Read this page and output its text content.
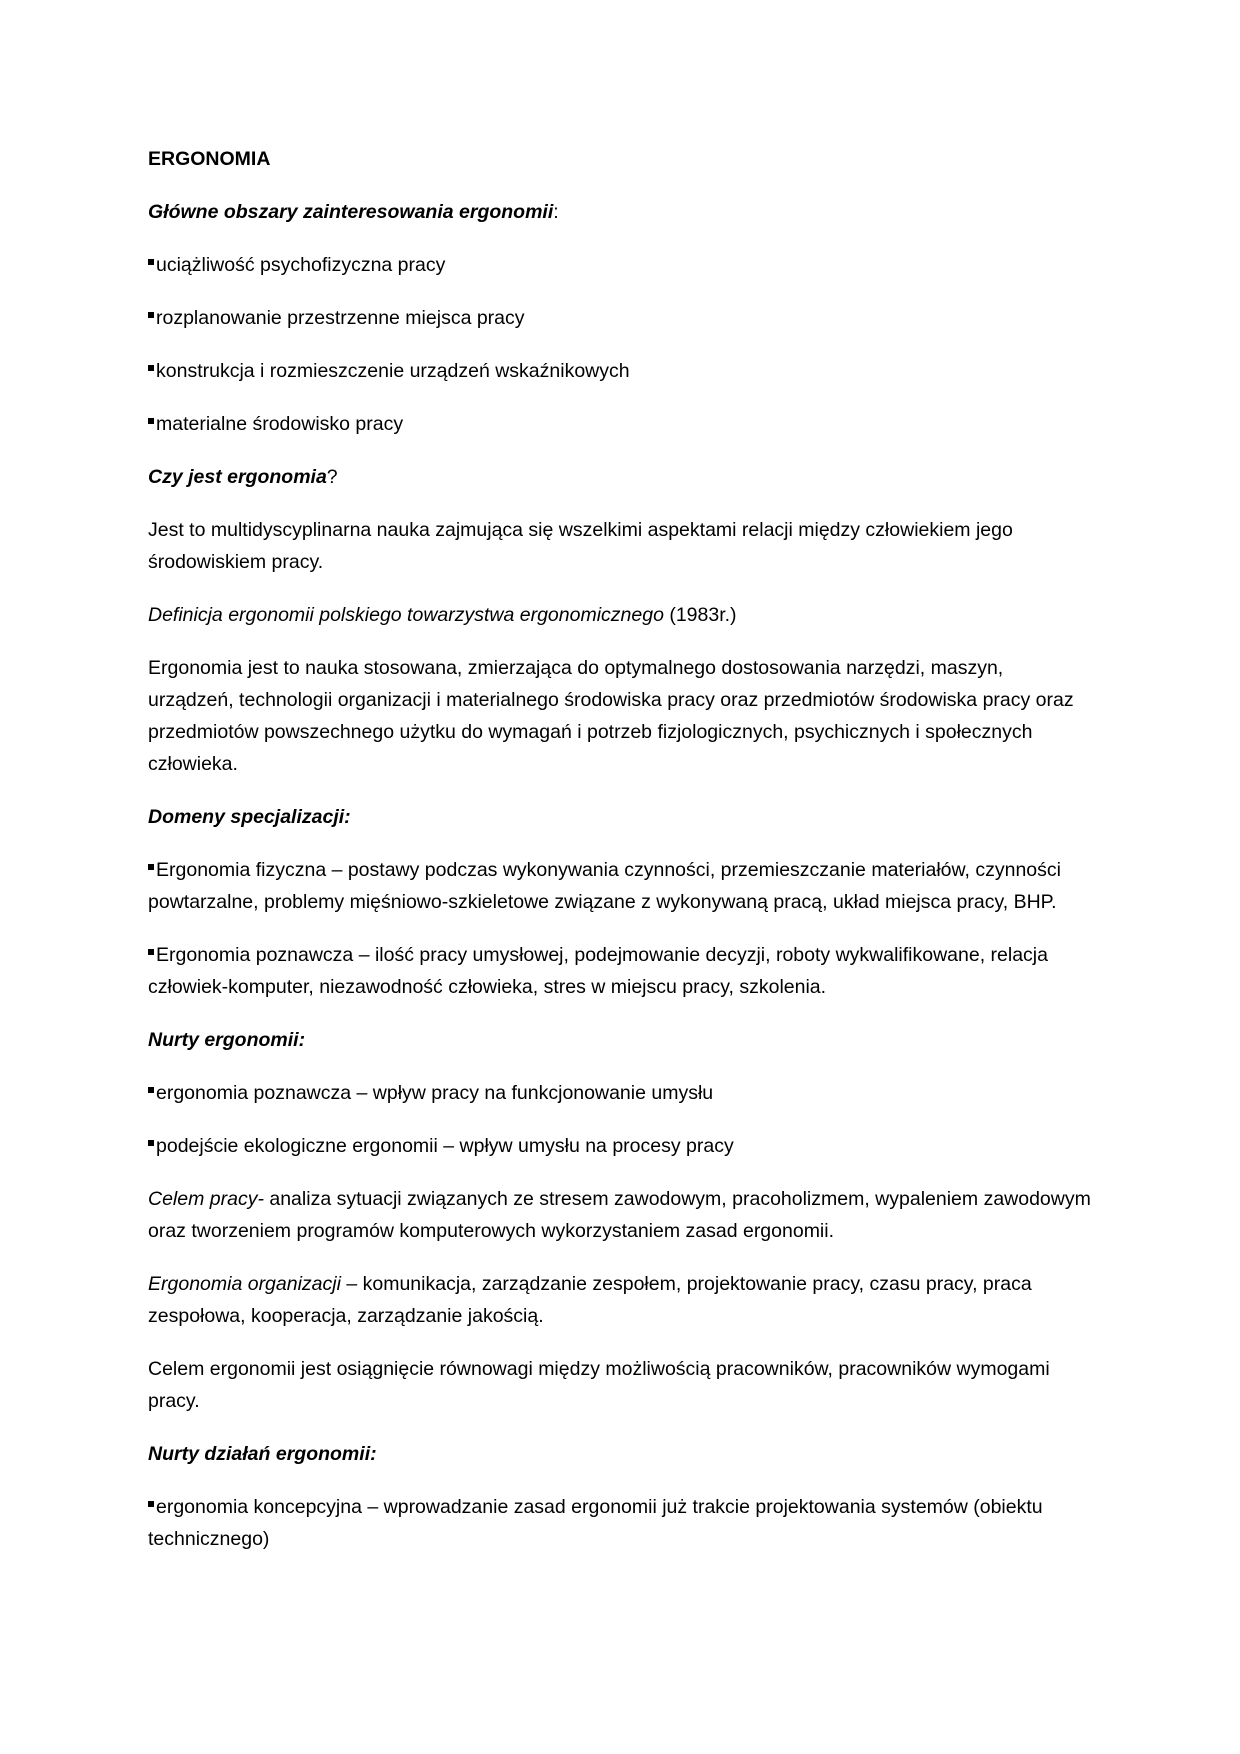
ERGONOMIA

Główne obszary zainteresowania ergonomii:

uciążliwość psychofizyczna pracy

rozplanowanie przestrzenne miejsca pracy

konstrukcja i rozmieszczenie urządzeń wskaźnikowych

materialne środowisko pracy

Czy jest ergonomia?

Jest to multidyscyplinarna nauka zajmująca się wszelkimi aspektami relacji między człowiekiem jego środowiskiem pracy.

Definicja ergonomii polskiego towarzystwa ergonomicznego (1983r.)

Ergonomia jest to nauka stosowana, zmierzająca do optymalnego dostosowania narzędzi, maszyn, urządzeń, technologii organizacji i materialnego środowiska pracy oraz przedmiotów środowiska pracy oraz przedmiotów powszechnego użytku do wymagań i potrzeb fizjologicznych, psychicznych i społecznych człowieka.

Domeny specjalizacji:

Ergonomia fizyczna – postawy podczas wykonywania czynności, przemieszczanie materiałów, czynności powtarzalne, problemy mięśniowo-szkieletowe związane z wykonywaną pracą, układ miejsca pracy, BHP.

Ergonomia poznawcza – ilość pracy umysłowej, podejmowanie decyzji, roboty wykwalifikowane, relacja człowiek-komputer, niezawodność człowieka, stres w miejscu pracy, szkolenia.

Nurty ergonomii:

ergonomia poznawcza – wpływ pracy na funkcjonowanie umysłu

podejście ekologiczne ergonomii – wpływ umysłu na procesy pracy

Celem pracy- analiza sytuacji związanych ze stresem zawodowym, pracoholizmem, wypaleniem zawodowym oraz tworzeniem programów komputerowych wykorzystaniem zasad ergonomii.

Ergonomia organizacji – komunikacja, zarządzanie zespołem, projektowanie pracy, czasu pracy, praca zespołowa, kooperacja, zarządzanie jakością.

Celem ergonomii jest osiągnięcie równowagi między możliwością pracowników, pracowników wymogami pracy.

Nurty działań ergonomii:

ergonomia koncepcyjna – wprowadzanie zasad ergonomii już trakcie projektowania systemów (obiektu technicznego)
